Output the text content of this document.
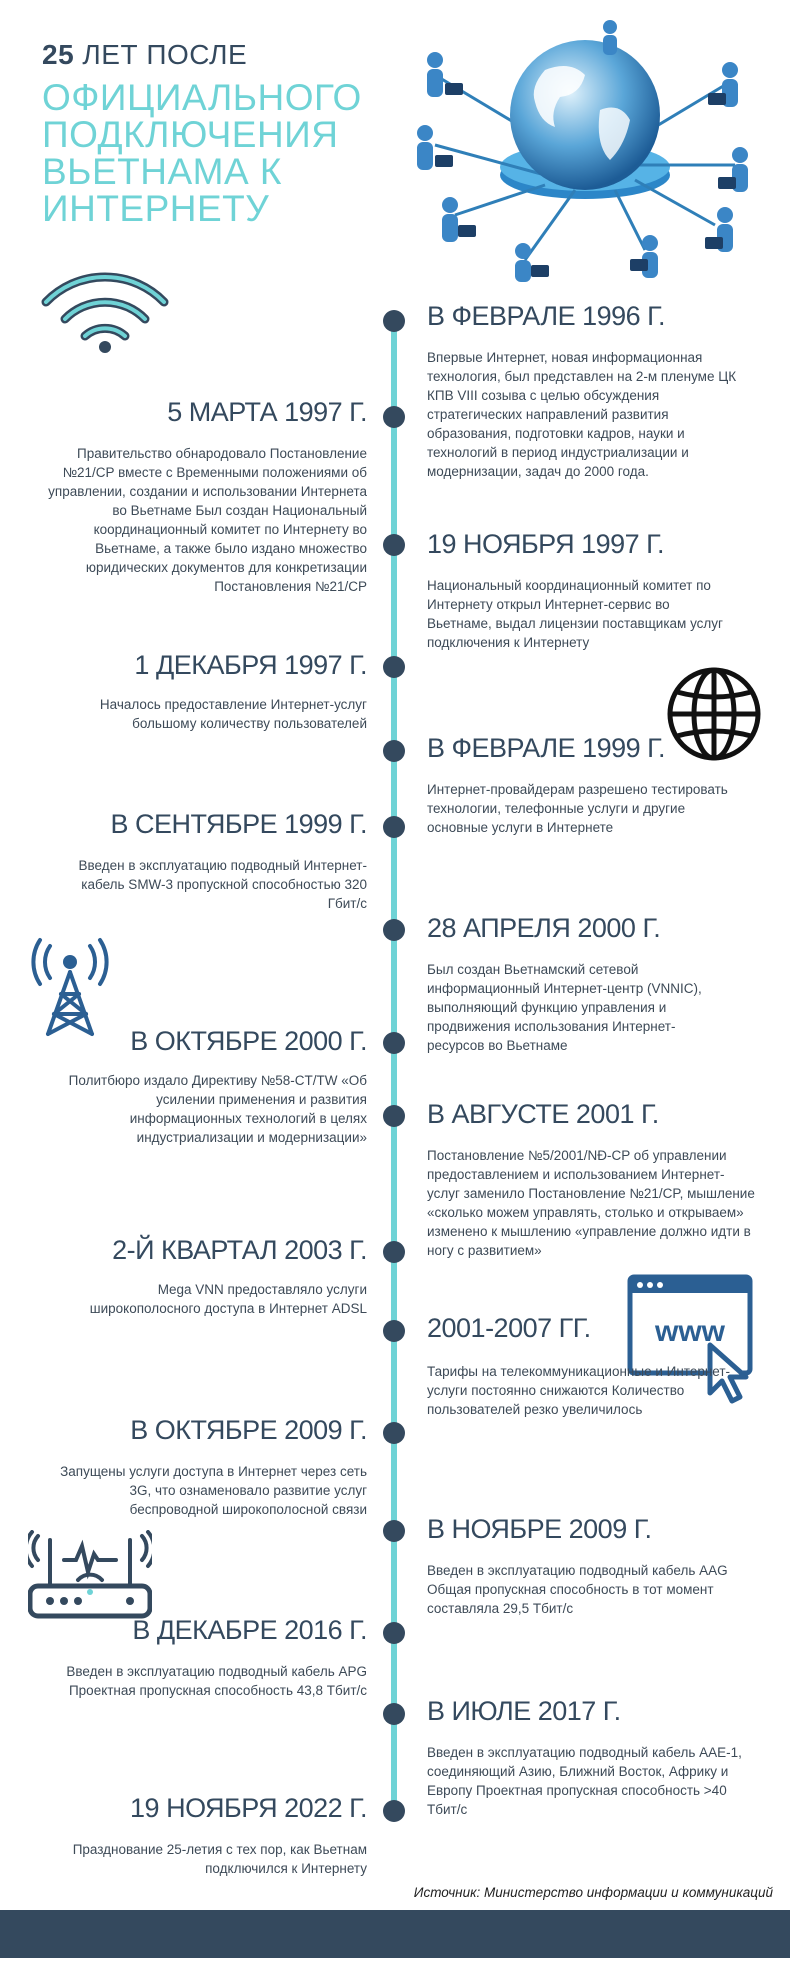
25 ЛЕТ ПОСЛЕ
ОФИЦИАЛЬНОГО
ПОДКЛЮЧЕНИЯ
ВЬЕТНАМА К
ИНТЕРНЕТУ
www
В ФЕВРАЛЕ 1996 Г.
Впервые Интернет, новая информационная технология, был представлен на 2-м пленуме ЦК КПВ VIII созыва с целью обсуждения стратегических направлений развития образования, подготовки кадров, науки и технологий в период индустриализации и модернизации, задач до 2000 года.
5 МАРТА 1997 Г.
Правительство обнародовало Постановление №21/CP вместе с Временными положениями об управлении, создании и использовании Интернета во Вьетнаме Был создан Национальный координационный комитет по Интернету во Вьетнаме, а также было издано множество юридических документов для конкретизации Постановления №21/CP
19 НОЯБРЯ 1997 Г.
Национальный координационный комитет по Интернету открыл Интернет-сервис во Вьетнаме, выдал лицензии поставщикам услуг подключения к Интернету
1 ДЕКАБРЯ 1997 Г.
Началось предоставление Интернет-услуг большому количеству пользователей
В ФЕВРАЛЕ 1999 Г.
Интернет-провайдерам разрешено тестировать технологии, телефонные услуги и другие основные услуги в Интернете
В СЕНТЯБРЕ 1999 Г.
Введен в эксплуатацию подводный Интернет-кабель SMW-3 пропускной способностью 320 Гбит/с
28 АПРЕЛЯ 2000 Г.
Был создан Вьетнамский сетевой информационный Интернет-центр (VNNIC), выполняющий функцию управления и продвижения использования Интернет-ресурсов во Вьетнаме
В ОКТЯБРЕ 2000 Г.
Политбюро издало Директиву №58-CT/TW «Об усилении применения и развития информационных технологий в целях индустриализации и модернизации»
В АВГУСТЕ 2001 Г.
Постановление №5/2001/NĐ-CP об управлении предоставлением и использованием Интернет-услуг заменило Постановление №21/CP, мышление «сколько можем управлять, столько и открываем» изменено к мышлению «управление должно идти в ногу с развитием»
2-Й КВАРТАЛ 2003 Г.
Mega VNN предоставляло услуги широкополосного доступа в Интернет ADSL
2001-2007 ГГ.
Тарифы на телекоммуникационные и Интернет-услуги постоянно снижаются Количество пользователей резко увеличилось
В ОКТЯБРЕ 2009 Г.
Запущены услуги доступа в Интернет через сеть 3G, что ознаменовало развитие услуг беспроводной широкополосной связи
В НОЯБРЕ 2009 Г.
Введен в эксплуатацию подводный кабель AAG Общая пропускная способность в тот момент составляла 29,5 Тбит/с
В ДЕКАБРЕ 2016 Г.
Введен в эксплуатацию подводный кабель APG Проектная пропускная способность 43,8 Тбит/с
В ИЮЛЕ 2017 Г.
Введен в эксплуатацию подводный кабель AAE-1, соединяющий Азию, Ближний Восток, Африку и Европу Проектная пропускная способность >40 Тбит/с
19 НОЯБРЯ 2022 Г.
Празднование 25-летия с тех пор, как Вьетнам подключился к Интернету
Источник: Министерство информации и коммуникаций
